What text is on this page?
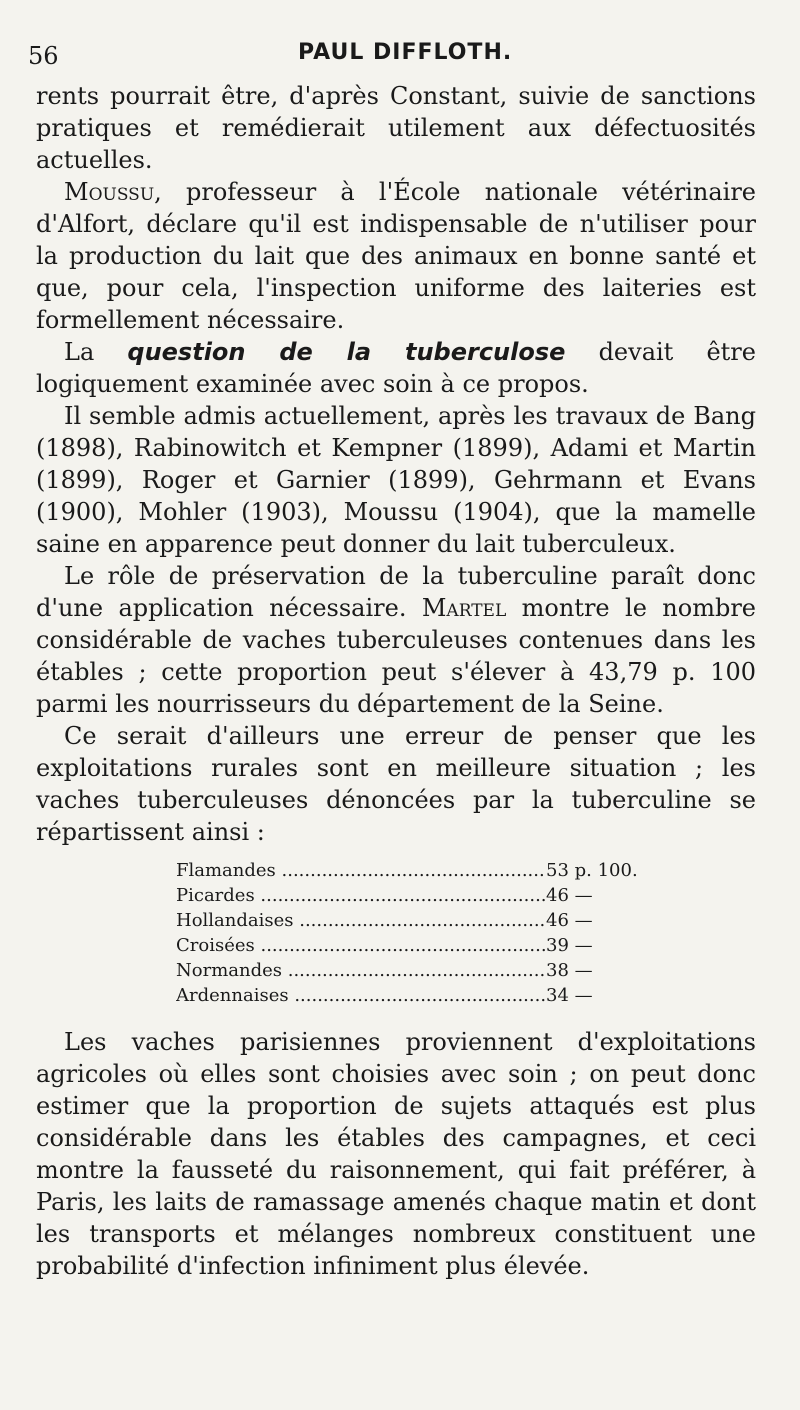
56	PAUL DIFFLOTH.

rents pourrait être, d'après Constant, suivie de sanctions pratiques et remédierait utilement aux défectuosités actuelles.

Moussu, professeur à l'École nationale vétérinaire d'Alfort, déclare qu'il est indispensable de n'utiliser pour la production du lait que des animaux en bonne santé et que, pour cela, l'inspection uniforme des laiteries est formellement nécessaire.

La question de la tuberculose devait être logiquement examinée avec soin à ce propos.

Il semble admis actuellement, après les travaux de Bang (1898), Rabinowitch et Kempner (1899), Adami et Martin (1899), Roger et Garnier (1899), Gehrmann et Evans (1900), Mohler (1903), Moussu (1904), que la mamelle saine en apparence peut donner du lait tuberculeux.

Le rôle de préservation de la tuberculine paraît donc d'une application nécessaire. Martel montre le nombre considérable de vaches tuberculeuses contenues dans les étables ; cette proportion peut s'élever à 43,79 p. 100 parmi les nourrisseurs du département de la Seine.

Ce serait d'ailleurs une erreur de penser que les exploitations rurales sont en meilleure situation ; les vaches tuberculeuses dénoncées par la tuberculine se répartissent ainsi :

Flamandes .....	53 p. 100.
Picardes .....	46 —
Hollandaises .....	46 —
Croisées .....	39 —
Normandes .....	38 —
Ardennaises .....	34 —

Les vaches parisiennes proviennent d'exploitations agricoles où elles sont choisies avec soin ; on peut donc estimer que la proportion de sujets attaqués est plus considérable dans les étables des campagnes, et ceci montre la fausseté du raisonnement, qui fait préférer, à Paris, les laits de ramassage amenés chaque matin et dont les transports et mélanges nombreux constituent une probabilité d'infection infiniment plus élevée.
